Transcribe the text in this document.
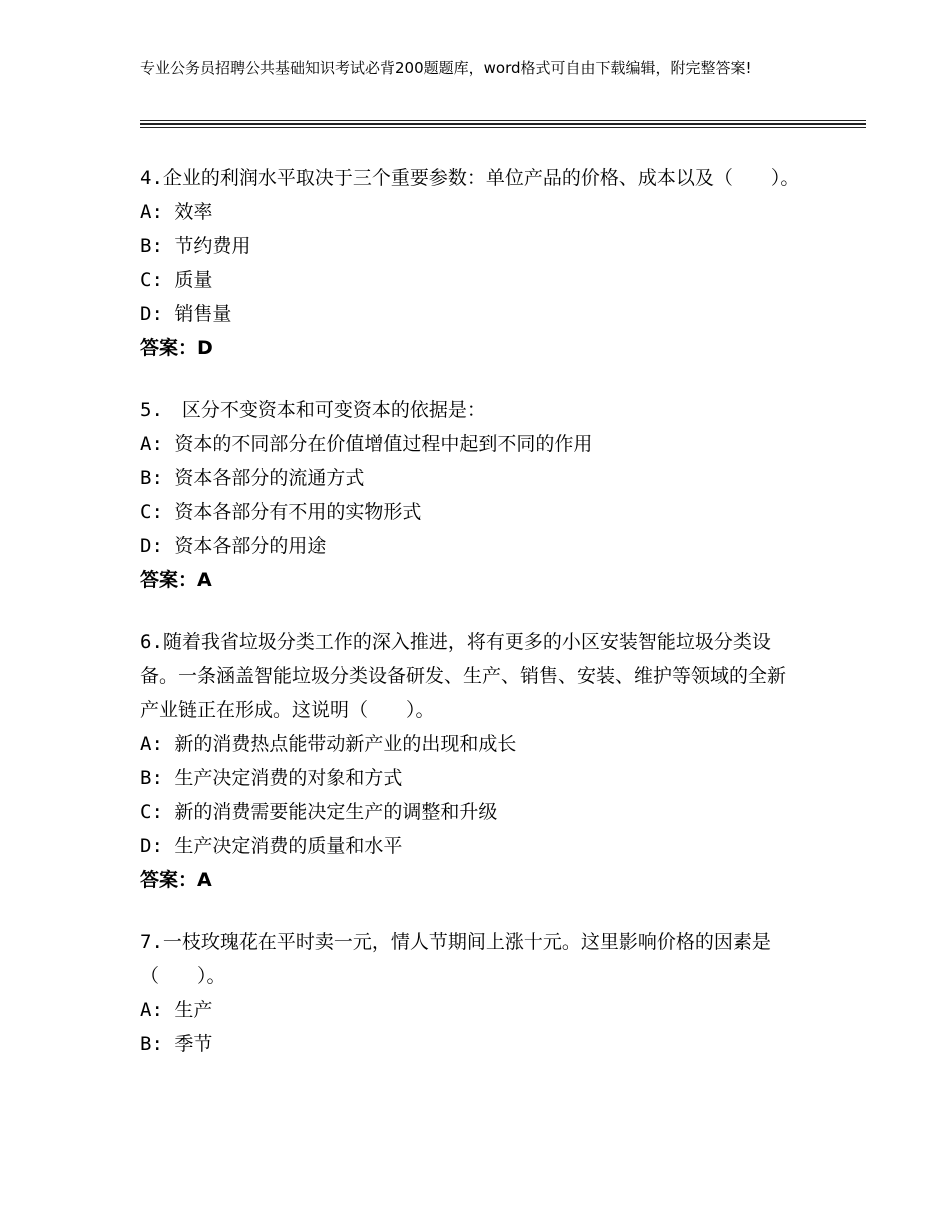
专业公务员招聘公共基础知识考试必背200题题库，word格式可自由下载编辑，附完整答案!

4.企业的利润水平取决于三个重要参数：单位产品的价格、成本以及（　　）。

A: 效率

B: 节约费用

C: 质量

D: 销售量

答案：D

5.　区分不变资本和可变资本的依据是：

A: 资本的不同部分在价值增值过程中起到不同的作用

B: 资本各部分的流通方式

C: 资本各部分有不用的实物形式

D: 资本各部分的用途

答案：A

6.随着我省垃圾分类工作的深入推进，将有更多的小区安装智能垃圾分类设备。一条涵盖智能垃圾分类设备研发、生产、销售、安装、维护等领域的全新产业链正在形成。这说明（　　）。

A: 新的消费热点能带动新产业的出现和成长

B: 生产决定消费的对象和方式

C: 新的消费需要能决定生产的调整和升级

D: 生产决定消费的质量和水平

答案：A

7.一枝玫瑰花在平时卖一元，情人节期间上涨十元。这里影响价格的因素是（　　）。

A: 生产

B: 季节
